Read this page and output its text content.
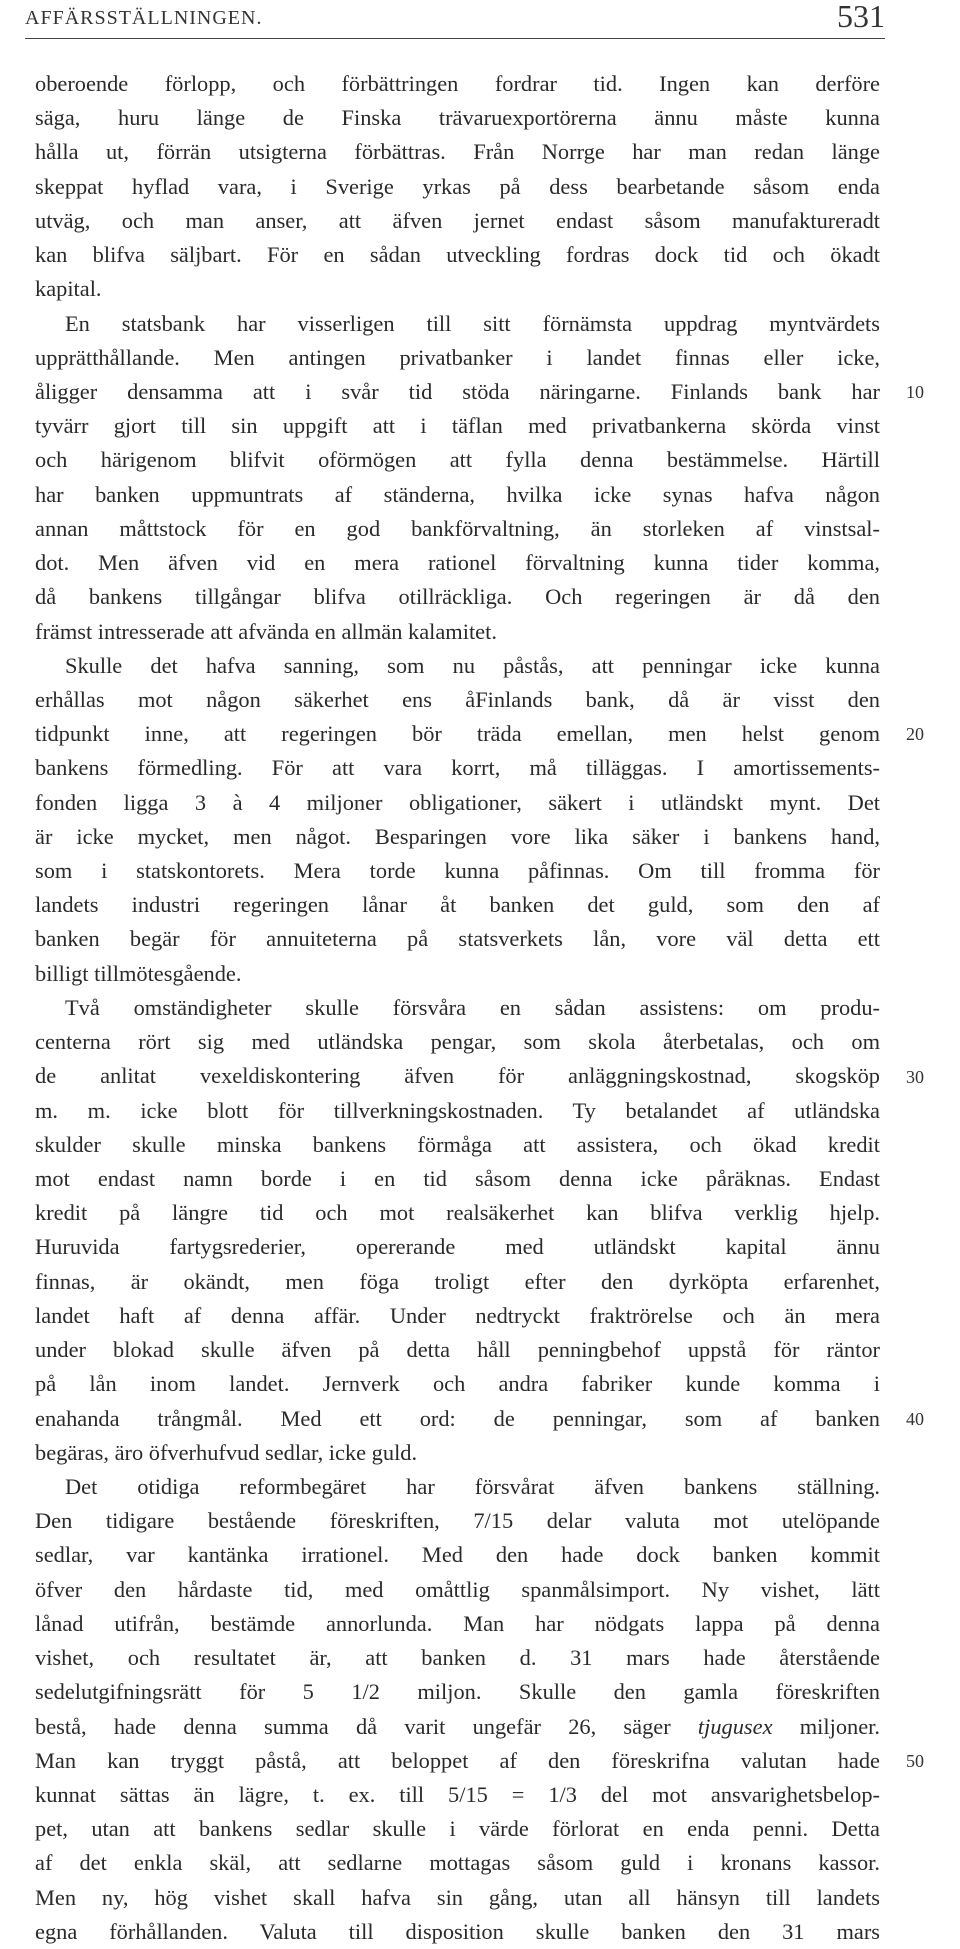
AFFÄRSSTÄLLNINGEN.	531
oberoende förlopp, och förbättringen fordrar tid. Ingen kan derföre
säga, huru länge de Finska trävaruexportörerna ännu måste kunna
hålla ut, förrän utsigterna förbättras. Från Norrge har man redan länge
skeppat hyflad vara, i Sverige yrkas på dess bearbetande såsom enda
utväg, och man anser, att äfven jernet endast såsom manufaktureradt
kan blifva säljbart. För en sådan utveckling fordras dock tid och ökadt
kapital.
En statsbank har visserligen till sitt förnämsta uppdrag myntvärdets
upprätthållande. Men antingen privatbanker i landet finnas eller icke,
åligger densamma att i svår tid stöda näringarne. Finlands bank har
tyvärr gjort till sin uppgift att i täflan med privatbankerna skörda vinst
och härigenom blifvit oförmögen att fylla denna bestämmelse. Härtill
har banken uppmuntrats af ständerna, hvilka icke synas hafva någon
annan måttstock för en god bankförvaltning, än storleken af vinstsal-
dot. Men äfven vid en mera rationel förvaltning kunna tider komma,
då bankens tillgångar blifva otillräckliga. Och regeringen är då den
främst intresserade att afvända en allmän kalamitet.
Skulle det hafva sanning, som nu påstås, att penningar icke kunna
erhållas mot någon säkerhet ens åFinlands bank, då är visst den
tidpunkt inne, att regeringen bör träda emellan, men helst genom
bankens förmedling. För att vara korrt, må tilläggas. I amortissements-
fonden ligga 3 à 4 miljoner obligationer, säkert i utländskt mynt. Det
är icke mycket, men något. Besparingen vore lika säker i bankens hand,
som i statskontorets. Mera torde kunna påfinnas. Om till fromma för
landets industri regeringen lånar åt banken det guld, som den af
banken begär för annuiteterna på statsverkets lån, vore väl detta ett
billigt tillmötesgående.
Två omständigheter skulle försvåra en sådan assistens: om produ-
centerna rört sig med utländska pengar, som skola återbetalas, och om
de anlitat vexeldiskontering äfven för anläggningskostnad, skogsköp
m. m. icke blott för tillverkningskostnaden. Ty betalandet af utländska
skulder skulle minska bankens förmåga att assistera, och ökad kredit
mot endast namn borde i en tid såsom denna icke påräknas. Endast
kredit på längre tid och mot realsäkerhet kan blifva verklig hjelp.
Huruvida fartygsrederier, opererande med utländskt kapital ännu
finnas, är okändt, men föga troligt efter den dyrköpta erfarenhet,
landet haft af denna affär. Under nedtryckt fraktrörelse och än mera
under blokad skulle äfven på detta håll penningbehof uppstå för räntor
på lån inom landet. Jernverk och andra fabriker kunde komma i
enahanda trångmål. Med ett ord: de penningar, som af banken
begäras, äro öfverhufvud sedlar, icke guld.
Det otidiga reformbegäret har försvårat äfven bankens ställning.
Den tidigare bestående föreskriften, 7/15 delar valuta mot utelöpande
sedlar, var kantänka irrationel. Med den hade dock banken kommit
öfver den hårdaste tid, med omåttlig spanmålsimport. Ny vishet, lätt
lånad utifrån, bestämde annorlunda. Man har nödgats lappa på denna
vishet, och resultatet är, att banken d. 31 mars hade återstående
sedelutgifningsrätt för 5 1/2 miljon. Skulle den gamla föreskriften
bestå, hade denna summa då varit ungefär 26, säger tjugusex miljoner.
Man kan tryggt påstå, att beloppet af den föreskrifna valutan hade
kunnat sättas än lägre, t. ex. till 5/15 = 1/3 del mot ansvarighetsbelop-
pet, utan att bankens sedlar skulle i värde förlorat en enda penni. Detta
af det enkla skäl, att sedlarne mottagas såsom guld i kronans kassor.
Men ny, hög vishet skall hafva sin gång, utan all hänsyn till landets
egna förhållanden. Valuta till disposition skulle banken den 31 mars
10
20
30
40
50
